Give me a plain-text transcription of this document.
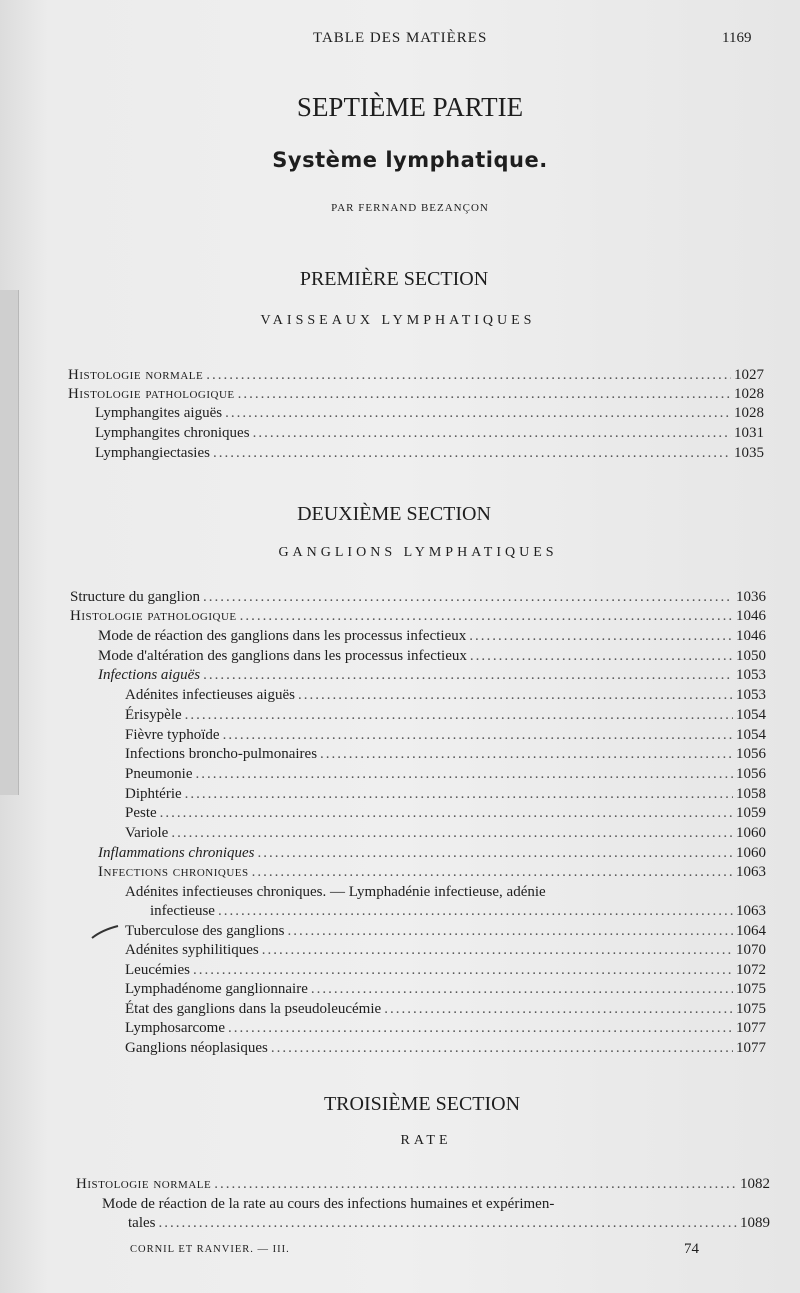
TABLE DES MATIÈRES	1169
SEPTIÈME PARTIE
Système lymphatique.
PAR FERNAND BEZANÇON
PREMIÈRE SECTION
VAISSEAUX LYMPHATIQUES
Histologie normale .....	1027
Histologie pathologique .....	1028
Lymphangites aiguës .....	1028
Lymphangites chroniques .....	1031
Lymphangiectasies .....	1035
DEUXIÈME SECTION
GANGLIONS LYMPHATIQUES
Structure du ganglion .....	1036
Histologie pathologique .....	1046
Mode de réaction des ganglions dans les processus infectieux .....	1046
Mode d'altération des ganglions dans les processus infectieux .....	1050
Infections aiguës .....	1053
Adénites infectieuses aiguës .....	1053
Érisypèle .....	1054
Fièvre typhoïde .....	1054
Infections broncho-pulmonaires .....	1056
Pneumonie .....	1056
Diphtérie .....	1058
Peste .....	1059
Variole .....	1060
Inflammations chroniques .....	1060
Infections chroniques .....	1063
Adénites infectieuses chroniques. — Lymphadénie infectieuse, adénie
infectieuse .....	1063
Tuberculose des ganglions .....	1064
Adénites syphilitiques .....	1070
Leucémies .....	1072
Lymphadénome ganglionnaire .....	1075
État des ganglions dans la pseudoleucémie .....	1075
Lymphosarcome .....	1077
Ganglions néoplasiques .....	1077
TROISIÈME SECTION
RATE
Histologie normale .....	1082
Mode de réaction de la rate au cours des infections humaines et expérimen-
tales .....	1089
CORNIL ET RANVIER. — III.	74
